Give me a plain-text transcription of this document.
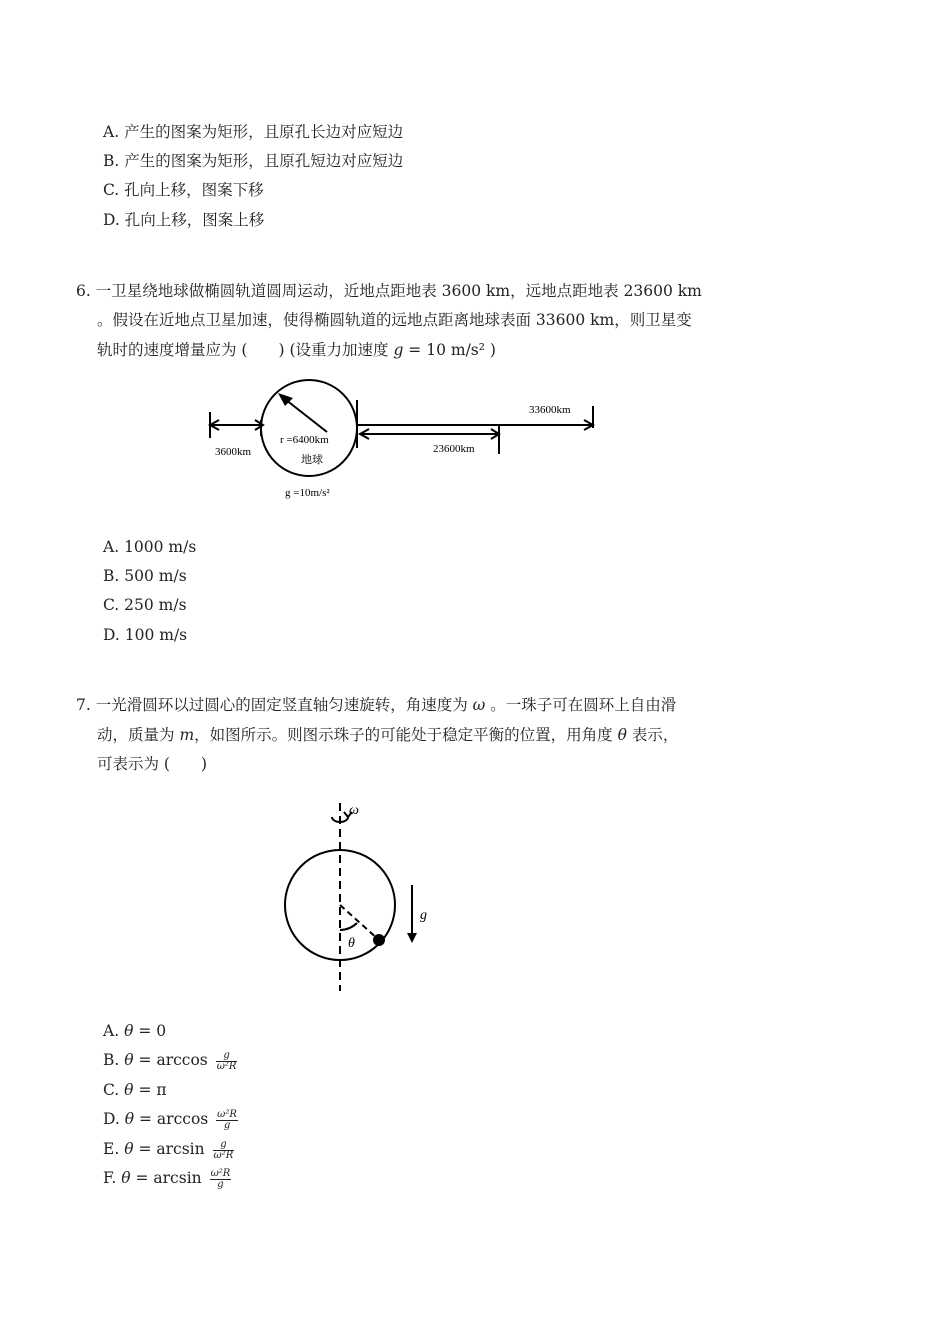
A. 产生的图案为矩形，且原孔长边对应短边
B. 产生的图案为矩形，且原孔短边对应短边
C. 孔向上移，图案下移
D. 孔向上移，图案上移
6. 一卫星绕地球做椭圆轨道圆周运动，近地点距地表 3600 km，远地点距地表 23600 km
。假设在近地点卫星加速，使得椭圆轨道的远地点距离地球表面 33600 km，则卫星变
轨时的速度增量应为 (　　) (设重力加速度 g = 10 m/s² )
3600km
r =6400km
地球
g =10m/s²
23600km
33600km
A. 1000 m/s
B. 500 m/s
C. 250 m/s
D. 100 m/s
7. 一光滑圆环以过圆心的固定竖直轴匀速旋转，角速度为 ω 。一珠子可在圆环上自由滑
动，质量为 m，如图所示。则图示珠子的可能处于稳定平衡的位置，用角度 θ 表示，
可表示为 (　　)
ω
g
θ
A. θ = 0
B. $\theta = \arccos \frac{g}{\text{ω²R}}$
C. θ = π
D. $\theta = \arccos \frac{\text{ω²R}}{g}$
E. $\theta = \arcsin \frac{g}{\text{ω²R}}$
F. $\theta = \arcsin \frac{\text{ω²R}}{g}$
